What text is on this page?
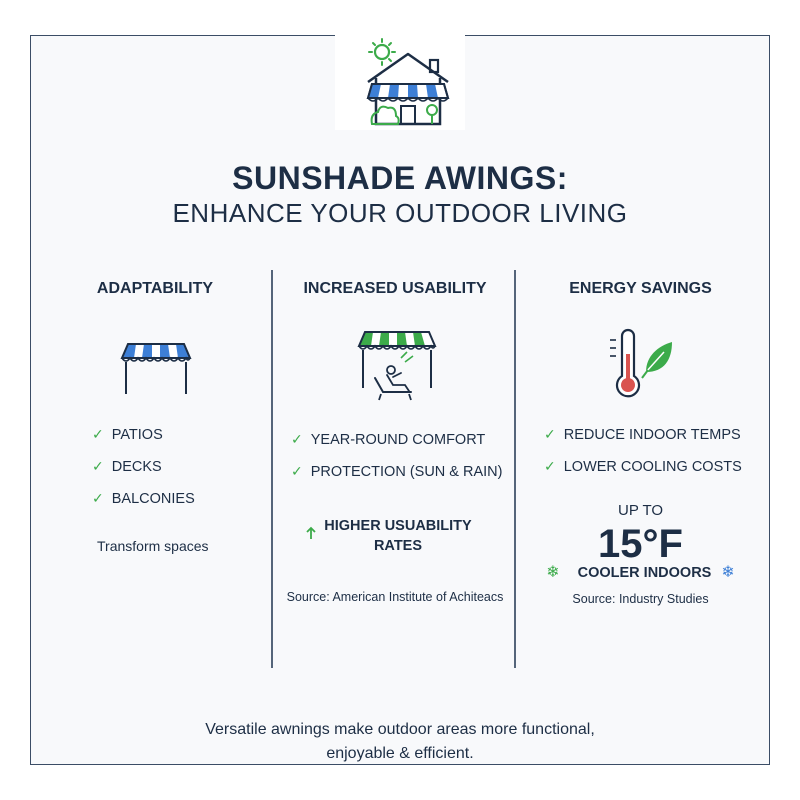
SUNSHADE AWINGS:
ENHANCE YOUR OUTDOOR LIVING
ADAPTABILITY
✓ PATIOS
✓ DECKS
✓ BALCONIES
Transform spaces
INCREASED USABILITY
✓ YEAR-ROUND COMFORT
✓ PROTECTION (SUN & RAIN)
HIGHER USUABILITY
RATES
Source: American Institute of Achiteacs
ENERGY SAVINGS
✓ REDUCE INDOOR TEMPS
✓ LOWER COOLING COSTS
UP TO
15°F
❄ COOLER INDOORS ❄
Source: Industry Studies
Versatile awnings make outdoor areas more functional,
enjoyable & efficient.
